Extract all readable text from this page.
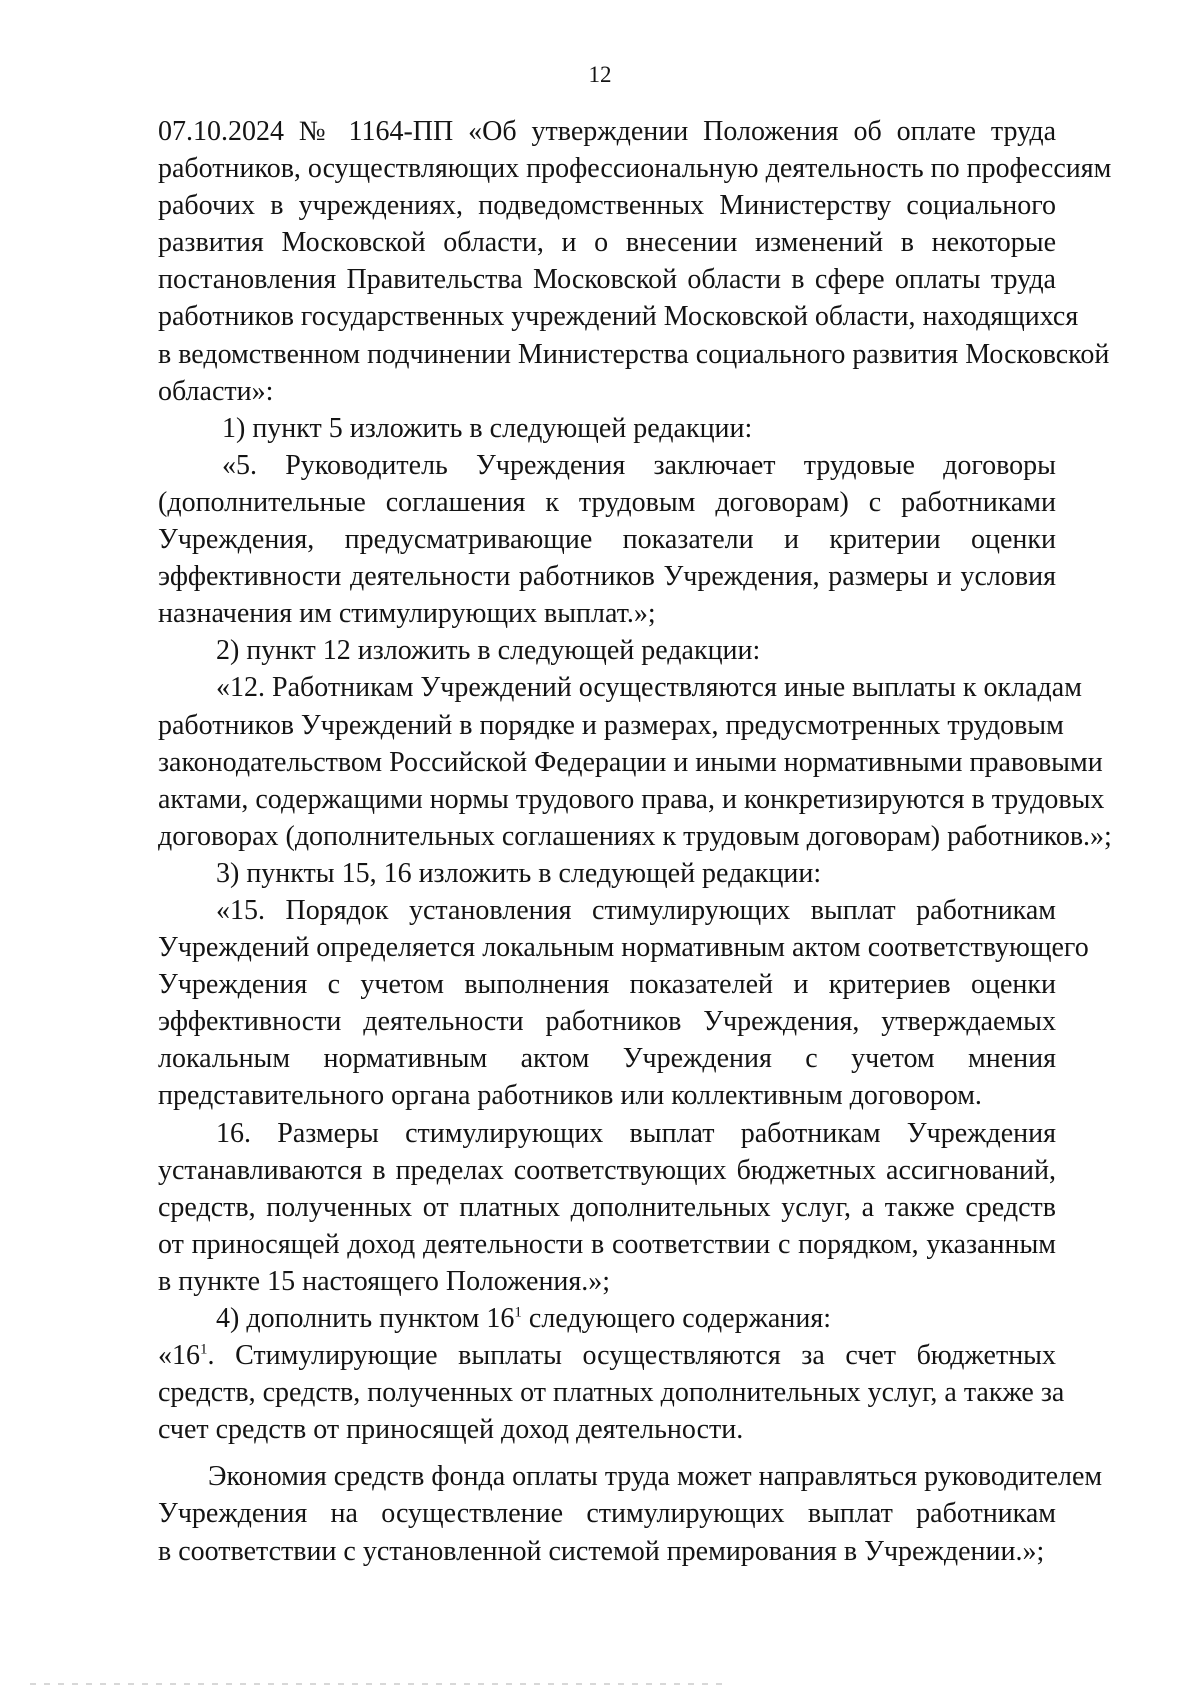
12
07.10.2024 № 1164-ПП «Об утверждении Положения об оплате труда
работников, осуществляющих профессиональную деятельность по профессиям
рабочих в учреждениях, подведомственных Министерству социального
развития Московской области, и о внесении изменений в некоторые
постановления Правительства Московской области в сфере оплаты труда
работников государственных учреждений Московской области, находящихся
в ведомственном подчинении Министерства социального развития Московской
области»:
1) пункт 5 изложить в следующей редакции:
«5. Руководитель Учреждения заключает трудовые договоры
(дополнительные соглашения к трудовым договорам) с работниками
Учреждения, предусматривающие показатели и критерии оценки
эффективности деятельности работников Учреждения, размеры и условия
назначения им стимулирующих выплат.»;
2) пункт 12 изложить в следующей редакции:
«12. Работникам Учреждений осуществляются иные выплаты к окладам
работников Учреждений в порядке и размерах, предусмотренных трудовым
законодательством Российской Федерации и иными нормативными правовыми
актами, содержащими нормы трудового права, и конкретизируются в трудовых
договорах (дополнительных соглашениях к трудовым договорам) работников.»;
3) пункты 15, 16 изложить в следующей редакции:
«15. Порядок установления стимулирующих выплат работникам
Учреждений определяется локальным нормативным актом соответствующего
Учреждения с учетом выполнения показателей и критериев оценки
эффективности деятельности работников Учреждения, утверждаемых
локальным нормативным актом Учреждения с учетом мнения
представительного органа работников или коллективным договором.
16. Размеры стимулирующих выплат работникам Учреждения
устанавливаются в пределах соответствующих бюджетных ассигнований,
средств, полученных от платных дополнительных услуг, а также средств
от приносящей доход деятельности в соответствии с порядком, указанным
в пункте 15 настоящего Положения.»;
4) дополнить пунктом 16$^1$ следующего содержания:
«16$^1$. Стимулирующие выплаты осуществляются за счет бюджетных
средств, средств, полученных от платных дополнительных услуг, а также за
счет средств от приносящей доход деятельности.
Экономия средств фонда оплаты труда может направляться руководителем
Учреждения на осуществление стимулирующих выплат работникам
в соответствии с установленной системой премирования в Учреждении.»;
